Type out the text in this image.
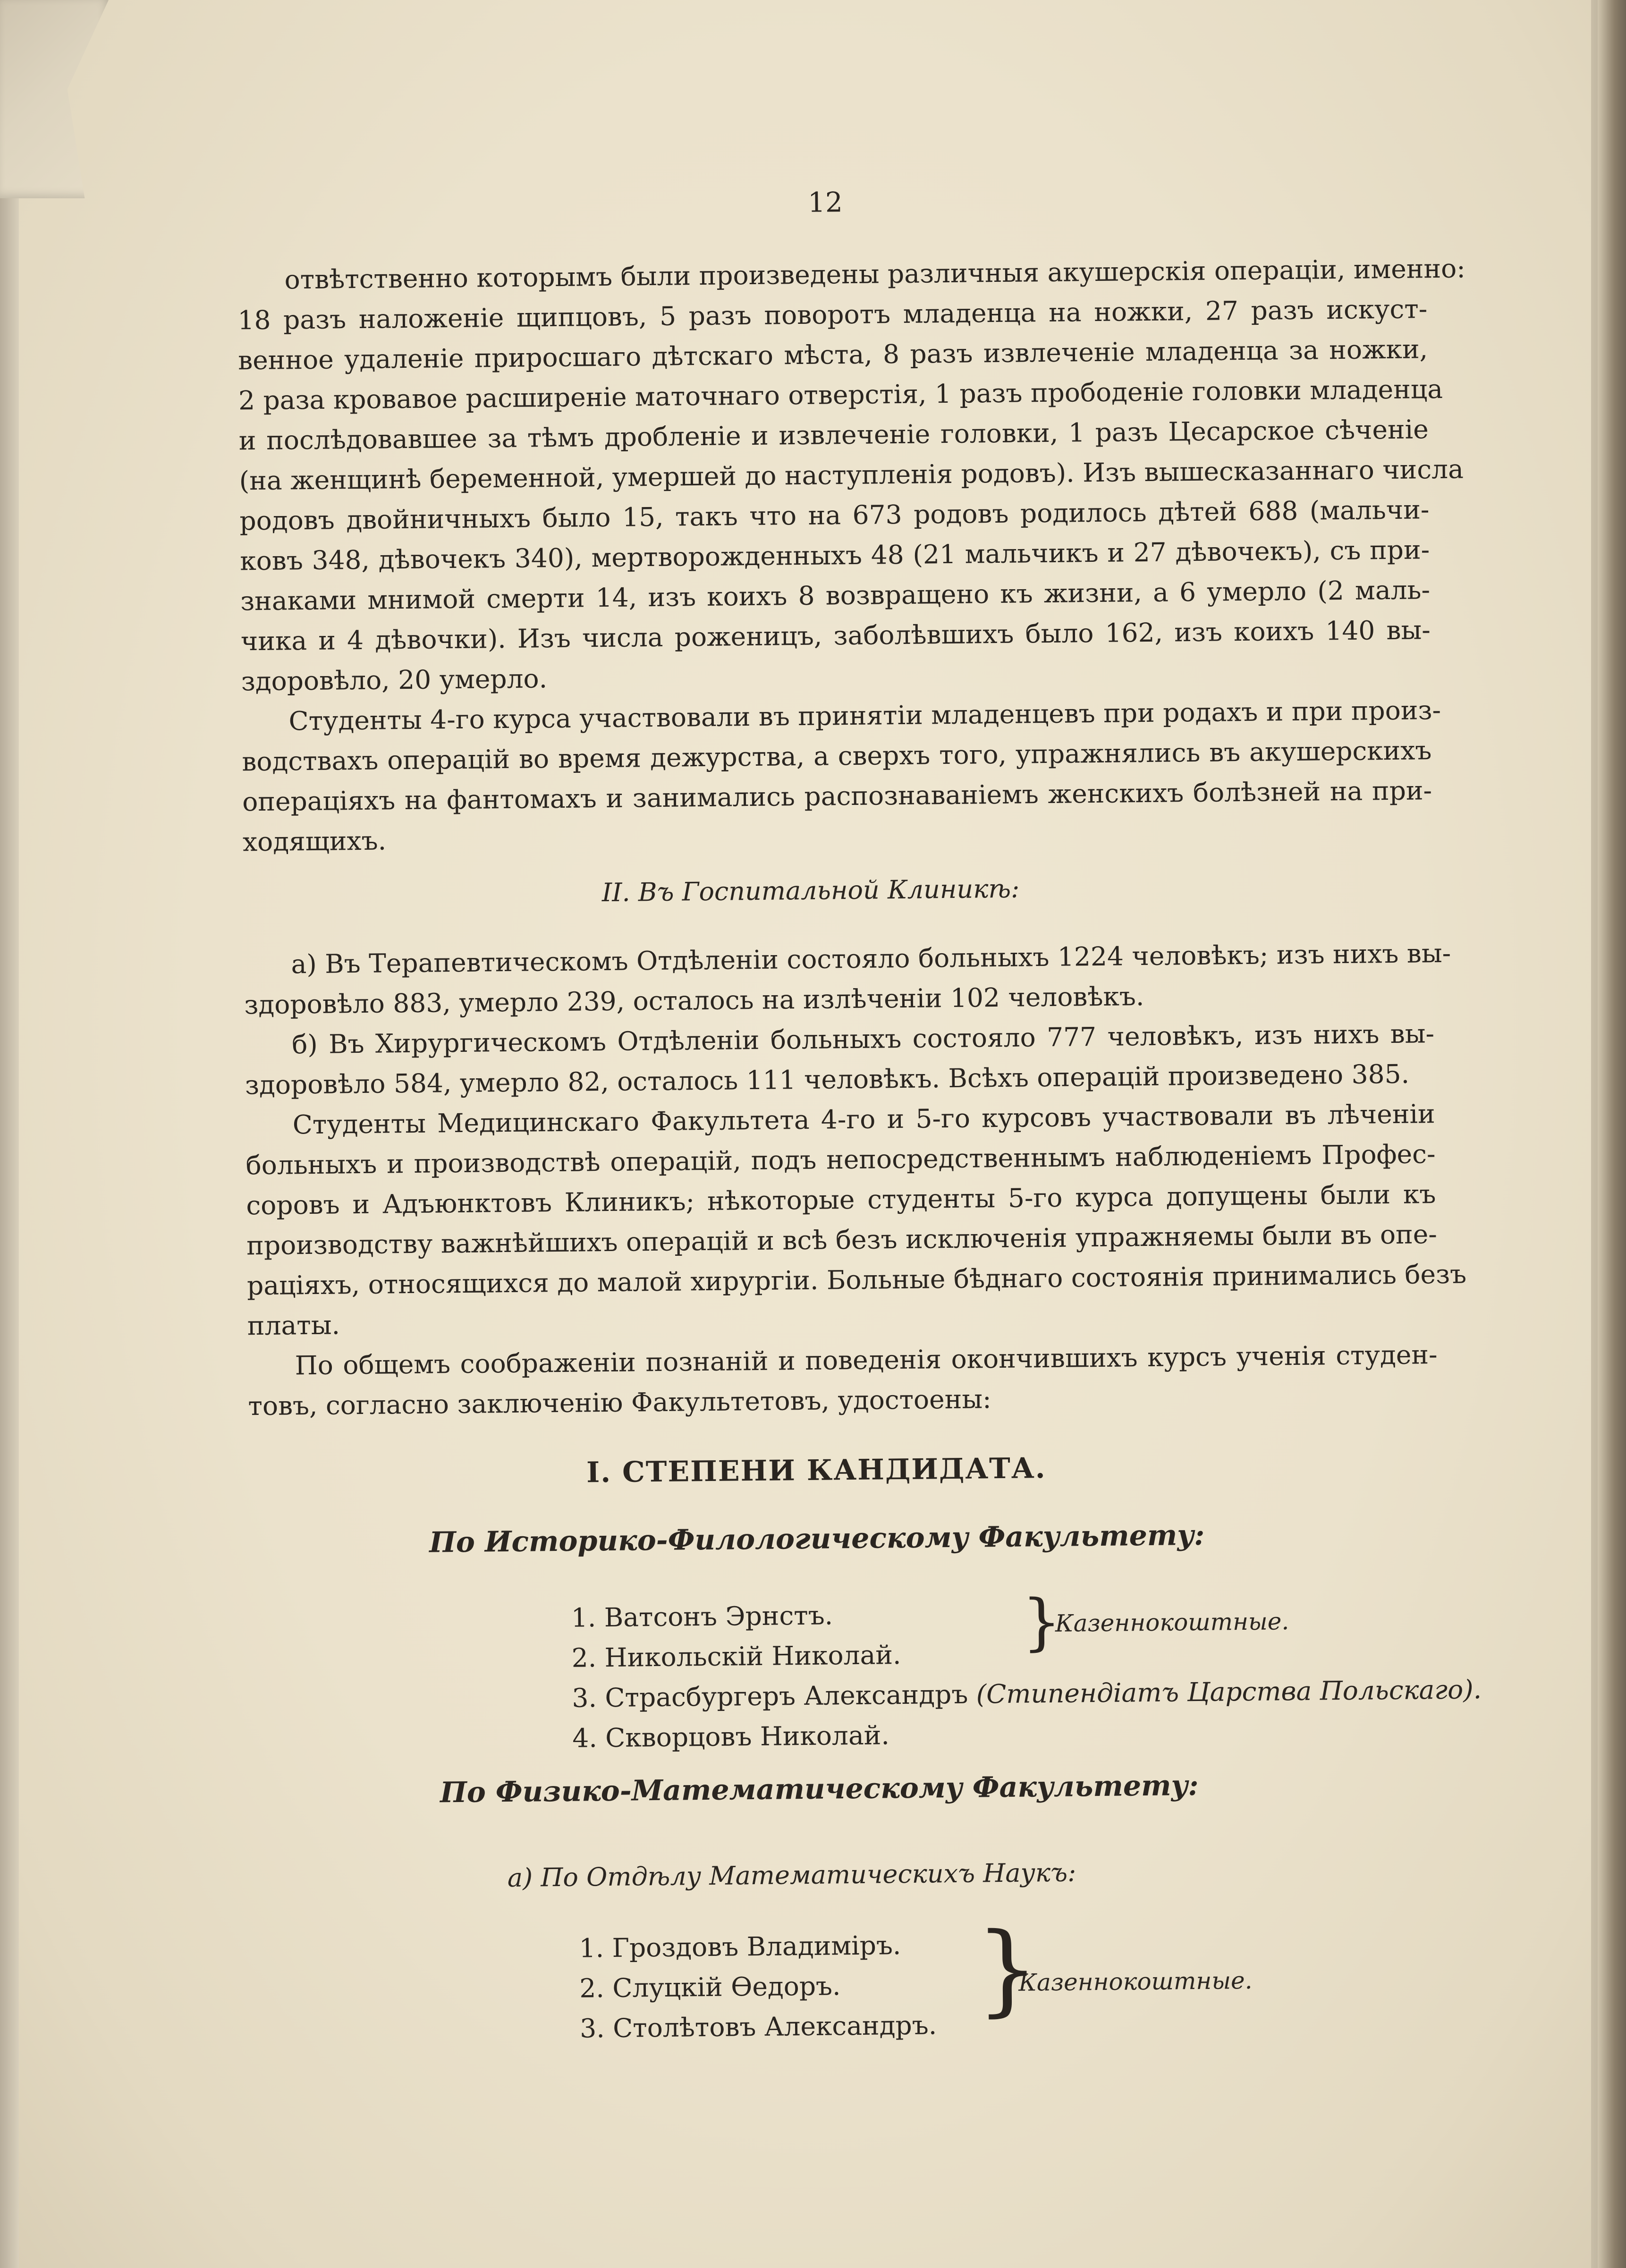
12
отвѣтственно которымъ были произведены различныя акушерскія операціи, именно:
18 разъ наложеніе щипцовъ, 5 разъ поворотъ младенца на ножки, 27 разъ искуст-
венное удаленіе приросшаго дѣтскаго мѣста, 8 разъ извлеченіе младенца за ножки,
2 раза кровавое расширеніе маточнаго отверстія, 1 разъ прободеніе головки младенца
и послѣдовавшее за тѣмъ дробленіе и извлеченіе головки, 1 разъ Цесарское сѣченіе
(на женщинѣ беременной, умершей до наступленія родовъ). Изъ вышесказаннаго числа
родовъ двойничныхъ было 15, такъ что на 673 родовъ родилось дѣтей 688 (мальчи-
ковъ 348, дѣвочекъ 340), мертворожденныхъ 48 (21 мальчикъ и 27 дѣвочекъ), съ при-
знаками мнимой смерти 14, изъ коихъ 8 возвращено къ жизни, а 6 умерло (2 маль-
чика и 4 дѣвочки). Изъ числа роженицъ, заболѣвшихъ было 162, изъ коихъ 140 вы-
здоровѣло, 20 умерло.
Студенты 4-го курса участвовали въ принятіи младенцевъ при родахъ и при произ-
водствахъ операцій во время дежурства, а сверхъ того, упражнялись въ акушерскихъ
операціяхъ на фантомахъ и занимались распознаваніемъ женскихъ болѣзней на при-
ходящихъ.
II. Въ Госпитальной Клиникѣ:
а) Въ Терапевтическомъ Отдѣленіи состояло больныхъ 1224 человѣкъ; изъ нихъ вы-
здоровѣло 883, умерло 239, осталось на излѣченіи 102 человѣкъ.
б) Въ Хирургическомъ Отдѣленіи больныхъ состояло 777 человѣкъ, изъ нихъ вы-
здоровѣло 584, умерло 82, осталось 111 человѣкъ. Всѣхъ операцій произведено 385.
Студенты Медицинскаго Факультета 4-го и 5-го курсовъ участвовали въ лѣченіи
больныхъ и производствѣ операцій, подъ непосредственнымъ наблюденіемъ Профес-
соровъ и Адъюнктовъ Клиникъ; нѣкоторые студенты 5-го курса допущены были къ
производству важнѣйшихъ операцій и всѣ безъ исключенія упражняемы были въ опе-
раціяхъ, относящихся до малой хирургіи. Больные бѣднаго состоянія принимались безъ
платы.
По общемъ соображеніи познаній и поведенія окончившихъ курсъ ученія студен-
товъ, согласно заключенію Факультетовъ, удостоены:
I. СТЕПЕНИ КАНДИДАТА.
По Историко-Филологическому Факультету:
1. Ватсонъ Эрнстъ.
2. Никольскій Николай.
3. Страсбургеръ Александръ (Стипендіатъ Царства Польскаго).
4. Скворцовъ Николай.
}
Казеннокоштные.
По Физико-Математическому Факультету:
а) По Отдѣлу Математическихъ Наукъ:
1. Гроздовъ Владиміръ.
2. Слуцкій Ѳедоръ.
3. Столѣтовъ Александръ. }
Казеннокоштные.
